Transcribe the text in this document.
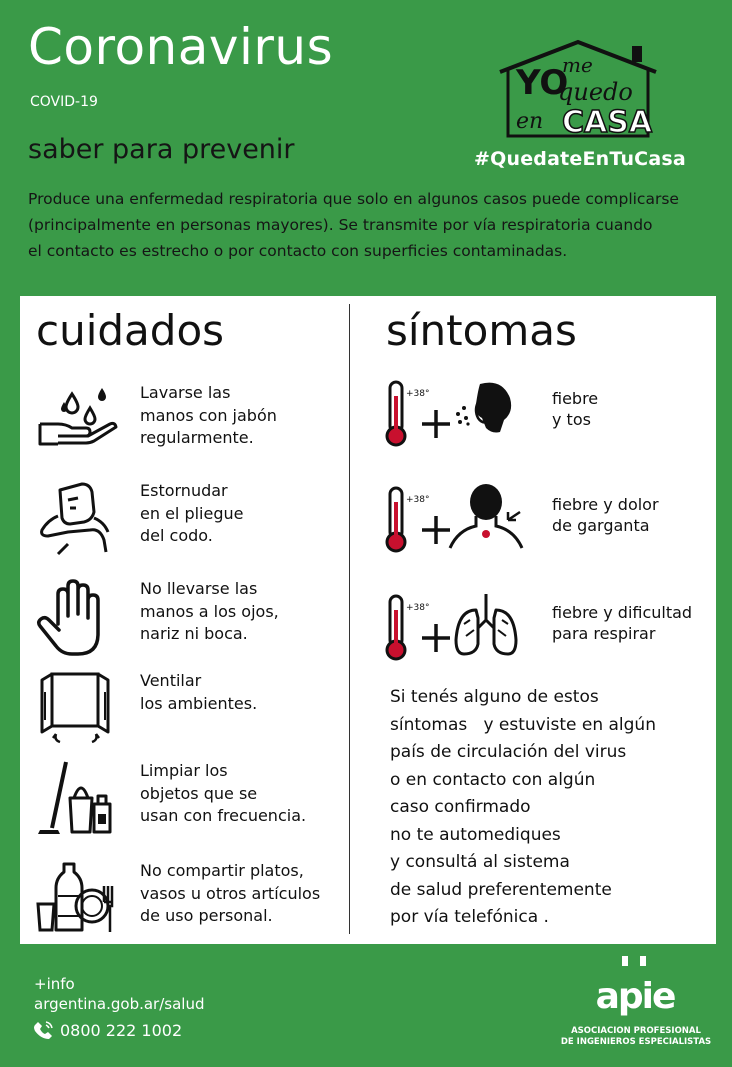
Coronavirus
COVID-19
saber para prevenir
YO
me
quedo
en CASA
#QuedateEnTuCasa

Produce una enfermedad respiratoria que solo en algunos casos puede complicarse

(principalmente en personas mayores). Se transmite por vía respiratoria cuando

el contacto es estrecho o por contacto con superficies contaminadas.

cuidados	síntomas
Lavarse las
manos con jabón
regularmente.
Estornudar
en el pliegue
del codo.
No llevarse las
manos a los ojos,
nariz ni boca.
Ventilar
los ambientes.
Limpiar los
objetos que se
usan con frecuencia.
No compartir platos,
vasos u otros artículos
de uso personal.
+38°	fiebre
y tos
+38°	fiebre y dolor
de garganta
+38°	fiebre y dificultad
para respirar
Si tenés alguno de estos
síntomas   y estuviste en algún
país de circulación del virus
o en contacto con algún
caso confirmado
no te automediques
y consultá al sistema
de salud preferentemente
por vía telefónica .
+info
argentina.gob.ar/salud
0800 222 1002
apie
ASOCIACION PROFESIONAL
DE INGENIEROS ESPECIALISTAS
